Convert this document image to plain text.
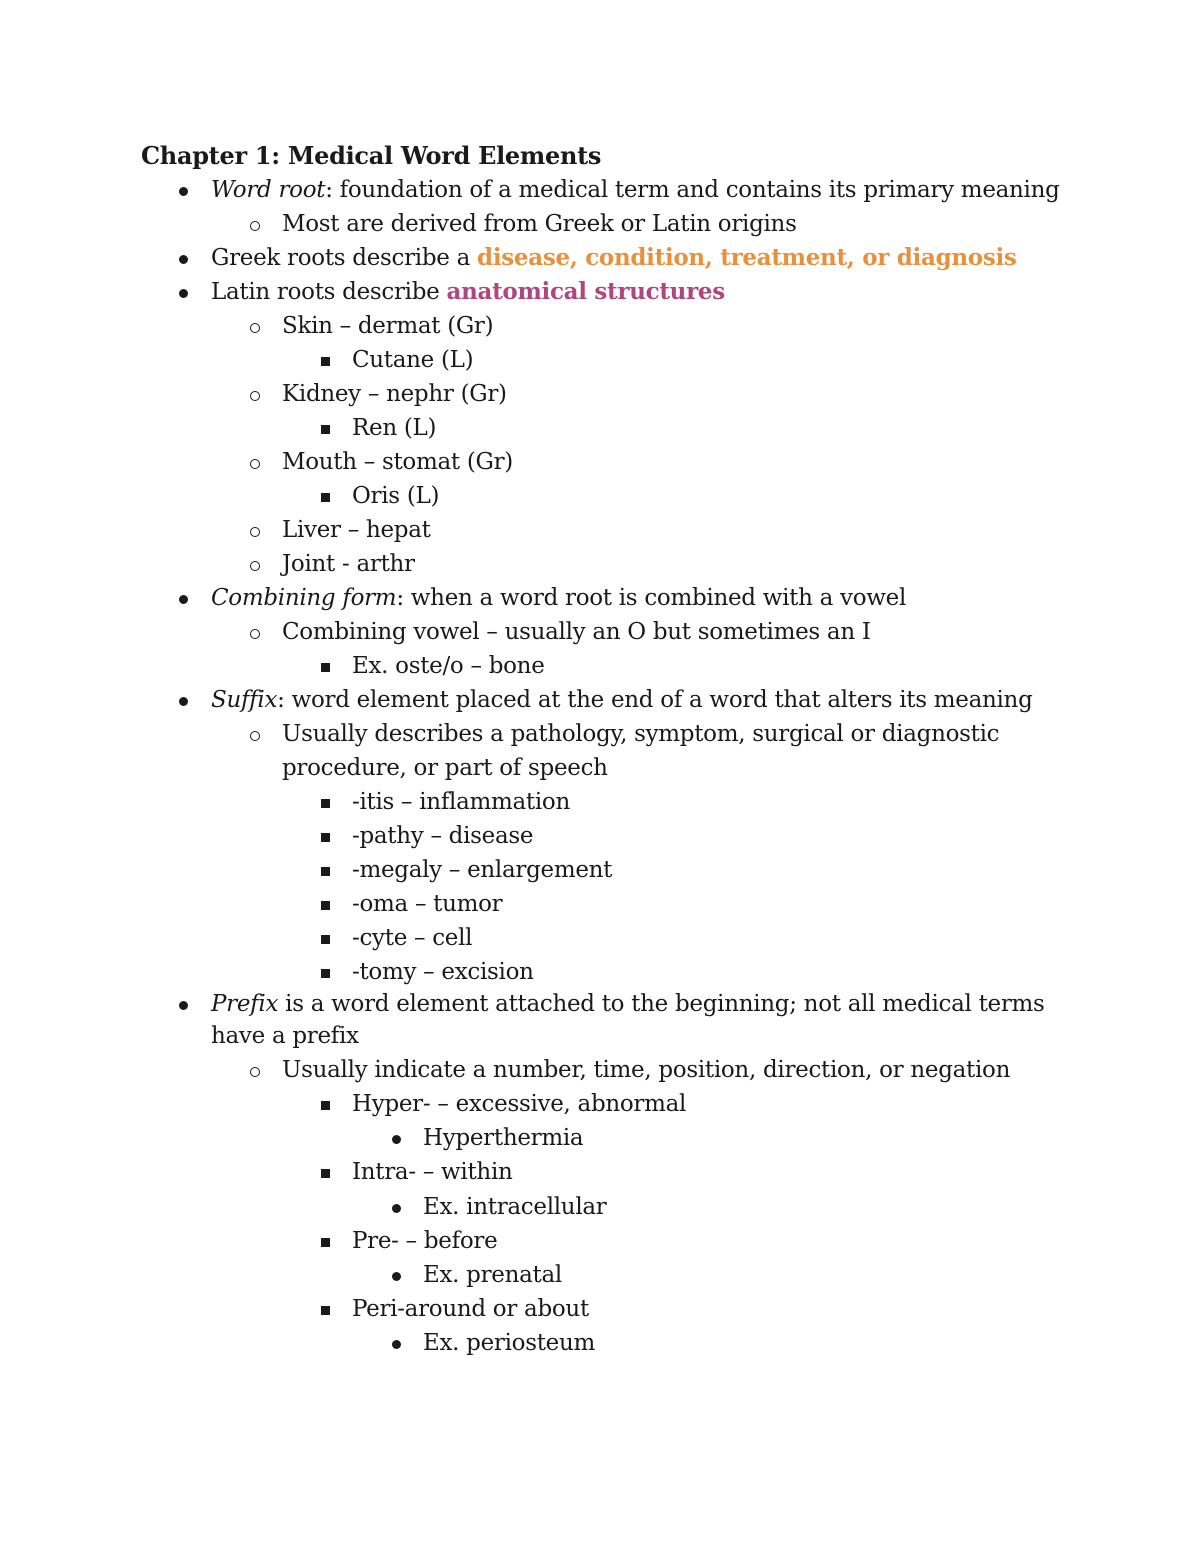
Chapter 1: Medical Word Elements
Word root: foundation of a medical term and contains its primary meaning
Most are derived from Greek or Latin origins
Greek roots describe a disease, condition, treatment, or diagnosis
Latin roots describe anatomical structures
Skin – dermat (Gr)
Cutane (L)
Kidney – nephr (Gr)
Ren (L)
Mouth – stomat (Gr)
Oris (L)
Liver – hepat
Joint - arthr
Combining form: when a word root is combined with a vowel
Combining vowel – usually an O but sometimes an I
Ex. oste/o – bone
Suffix: word element placed at the end of a word that alters its meaning
Usually describes a pathology, symptom, surgical or diagnostic
procedure, or part of speech
-itis – inflammation
-pathy – disease
-megaly – enlargement
-oma – tumor
-cyte – cell
-tomy – excision
Prefix is a word element attached to the beginning; not all medical terms
have a prefix
Usually indicate a number, time, position, direction, or negation
Hyper- – excessive, abnormal
Hyperthermia
Intra- – within
Ex. intracellular
Pre- – before
Ex. prenatal
Peri-around or about
Ex. periosteum
